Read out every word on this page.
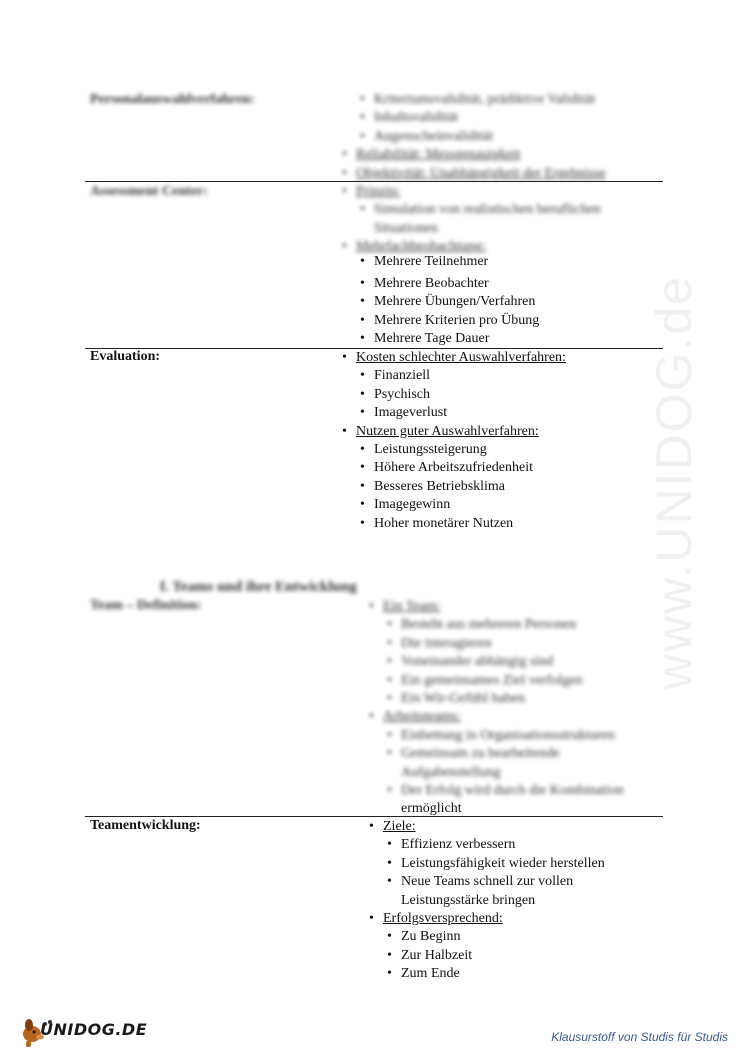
www.UNIDOG.de
Personalauswahlverfahren:	• Kriteriumsvalidität, prädiktive Validität
• Inhaltsvalidität
• Augenscheinvalidität
• Reliabilität: Messgenauigkeit
• Objektivität: Unabhängigkeit der Ergebnisse
Assessment Center:	• Prinzip:
• Simulation von realistischen beruflichen
Situationen
• Mehrfachbeobachtung:
• Mehrere Teilnehmer
• Mehrere Beobachter
• Mehrere Übungen/Verfahren
• Mehrere Kriterien pro Übung
• Mehrere Tage Dauer
Evaluation:	• Kosten schlechter Auswahlverfahren:
• Finanziell
• Psychisch
• Imageverlust
• Nutzen guter Auswahlverfahren:
• Leistungssteigerung
• Höhere Arbeitszufriedenheit
• Besseres Betriebsklima
• Imagegewinn
• Hoher monetärer Nutzen
f. Teams und ihre Entwicklung
Team – Definition:	• Ein Team:
• Besteht aus mehreren Personen
• Die interagieren
• Voneinander abhängig sind
• Ein gemeinsames Ziel verfolgen
• Ein Wir-Gefühl haben
• Arbeitsteams:
• Einbettung in Organisationsstrukturen
• Gemeinsam zu bearbeitende
Aufgabenstellung
• Der Erfolg wird durch die Kombination
ermöglicht
Teamentwicklung:	• Ziele:
• Effizienz verbessern
• Leistungsfähigkeit wieder herstellen
• Neue Teams schnell zur vollen
Leistungsstärke bringen
• Erfolgsversprechend:
• Zu Beginn
• Zur Halbzeit
• Zum Ende
UNIDOG.DE	Klausurstoff von Studis für Studis
